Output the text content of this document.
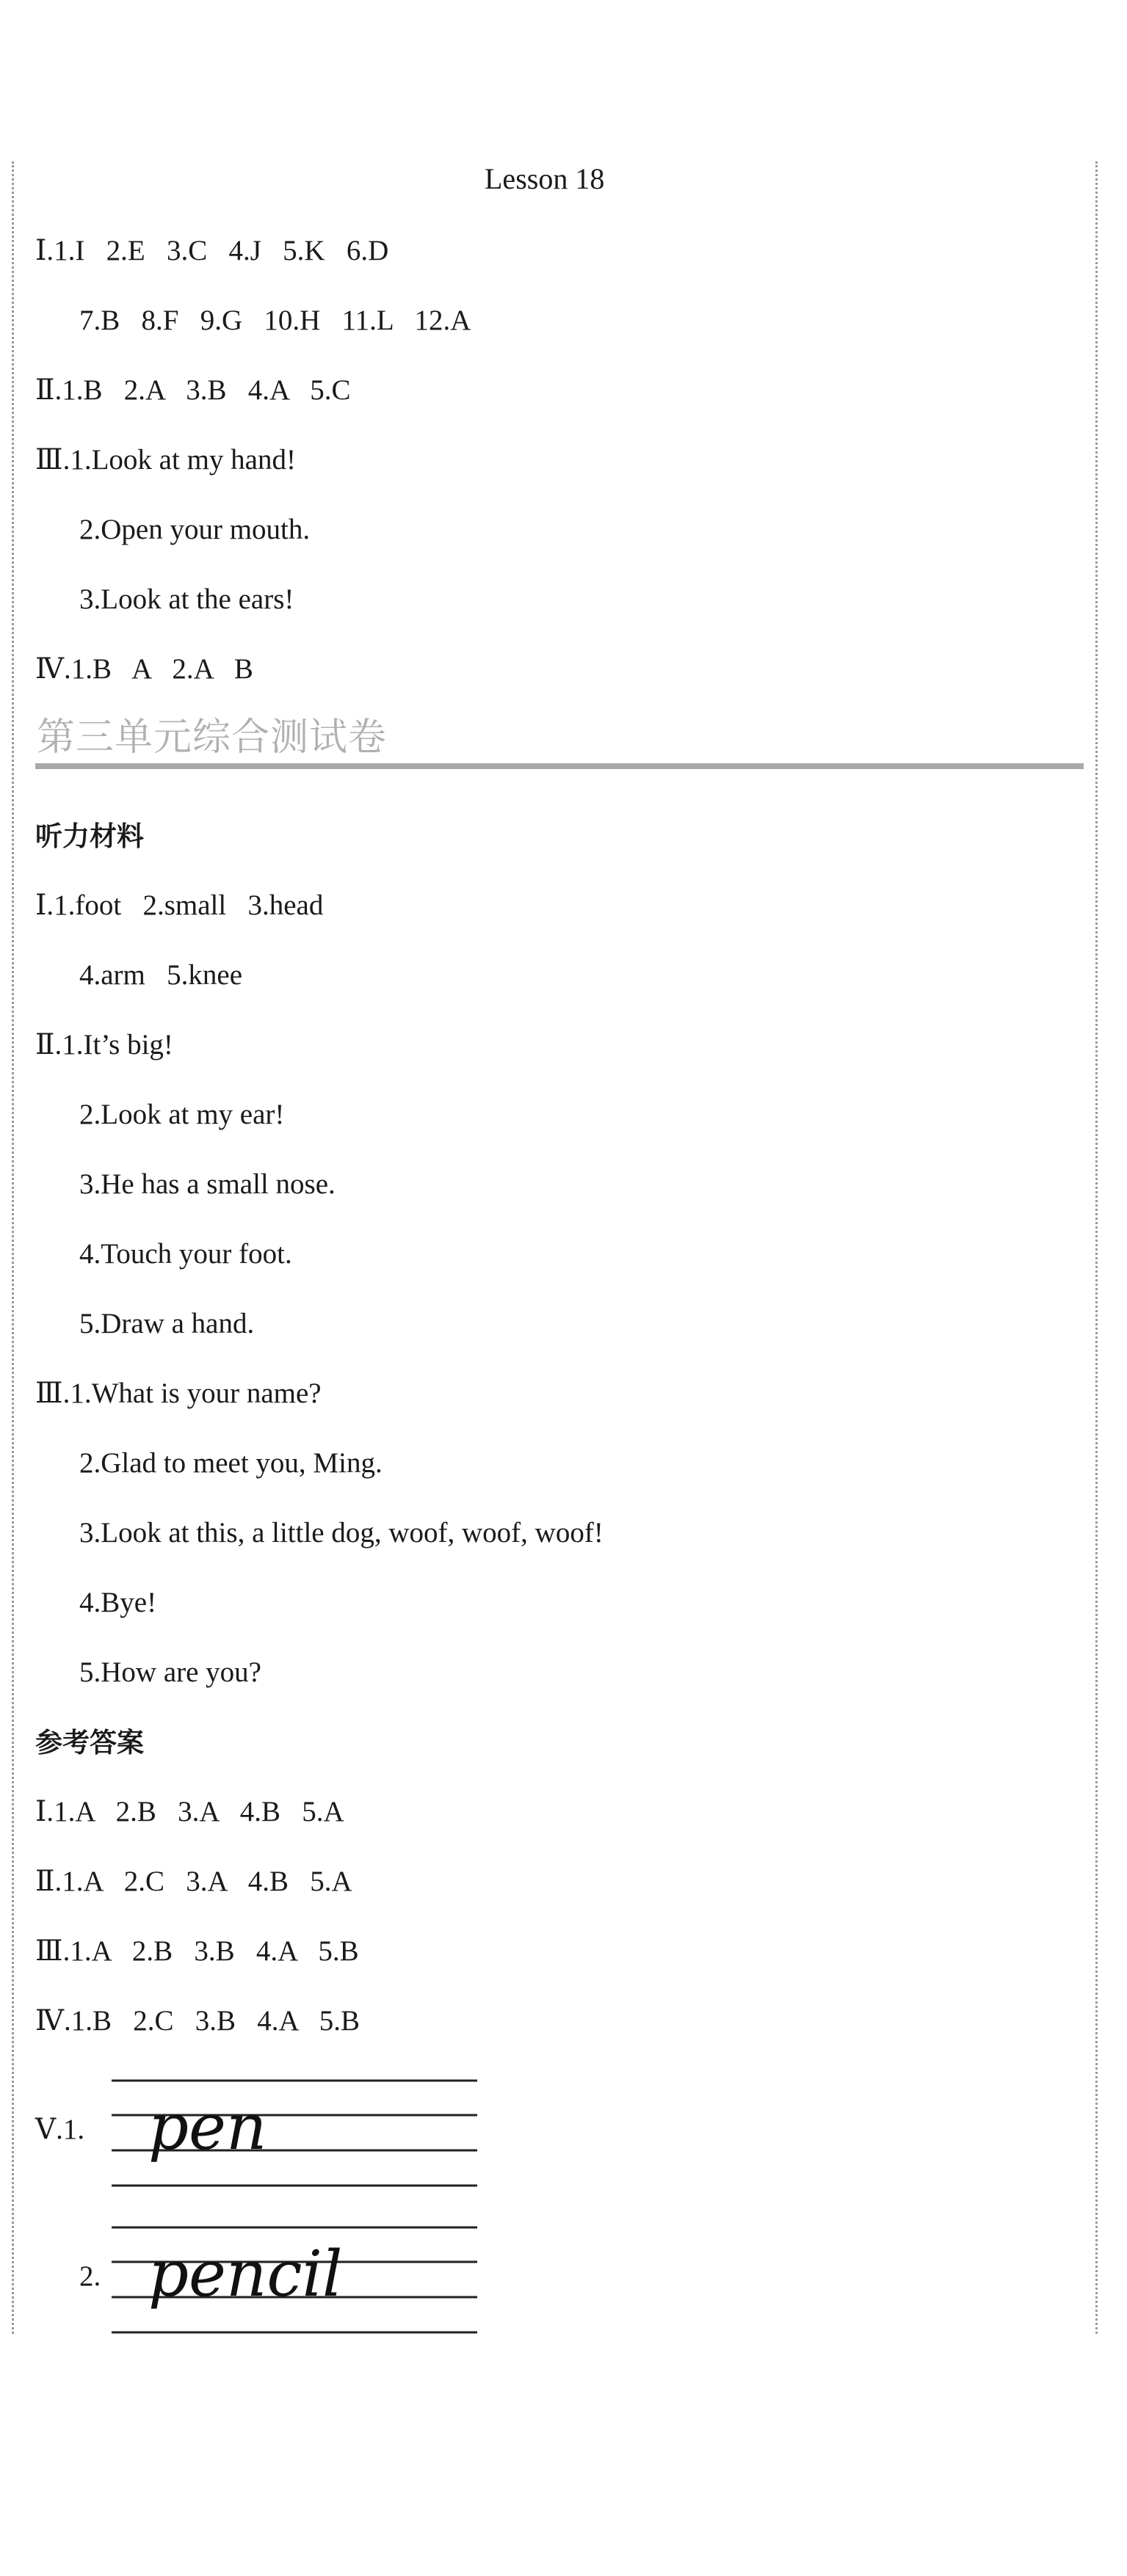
Lesson 18
Ⅰ.1.I   2.E   3.C   4.J   5.K   6.D
7.B   8.F   9.G   10.H   11.L   12.A
Ⅱ.1.B   2.A   3.B   4.A   5.C
Ⅲ.1.Look at my hand!
2.Open your mouth.
3.Look at the ears!
Ⅳ.1.B   A   2.A   B
第三单元综合测试卷
听力材料
Ⅰ.1.foot   2.small   3.head
4.arm   5.knee
Ⅱ.1.It’s big!
2.Look at my ear!
3.He has a small nose.
4.Touch your foot.
5.Draw a hand.
Ⅲ.1.What is your name?
2.Glad to meet you, Ming.
3.Look at this, a little dog, woof, woof, woof!
4.Bye!
5.How are you?
参考答案
Ⅰ.1.A   2.B   3.A   4.B   5.A
Ⅱ.1.A   2.C   3.A   4.B   5.A
Ⅲ.1.A   2.B   3.B   4.A   5.B
Ⅳ.1.B   2.C   3.B   4.A   5.B
Ⅴ.1. pen
2. pencil
